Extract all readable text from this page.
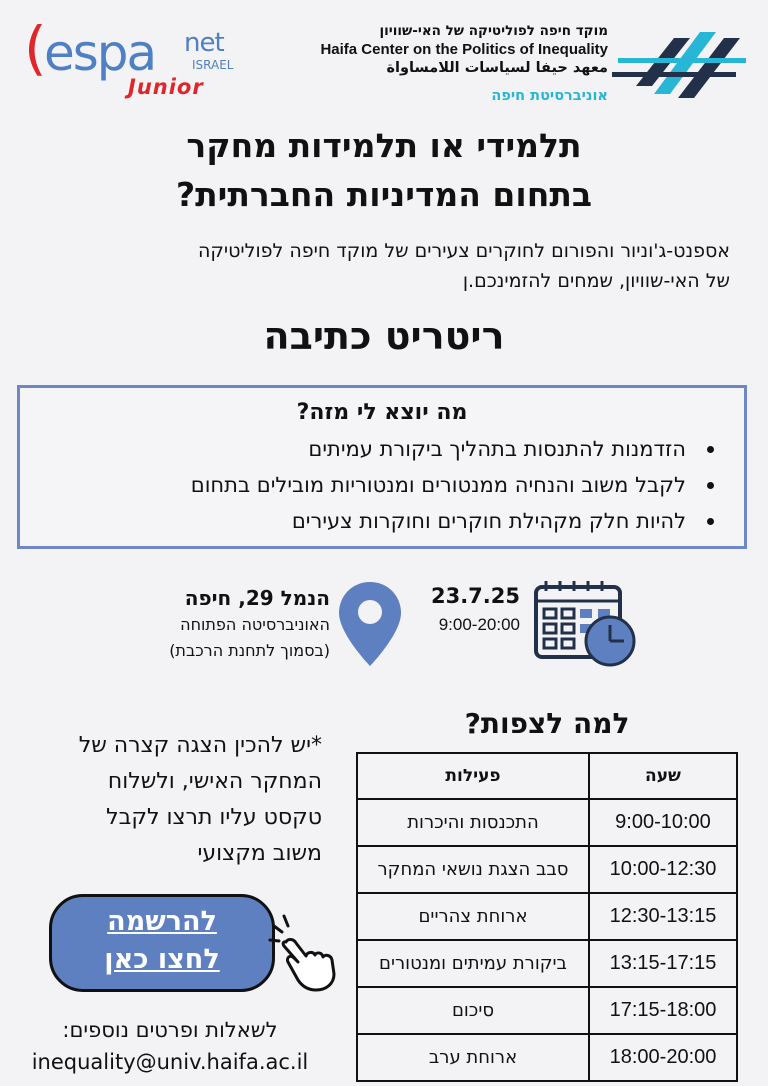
(
espa net
ISRAEL
Junior
מוקד חיפה לפוליטיקה של האי-שוויון
Haifa Center on the Politics of Inequality
معهد حيفا لسياسات اللامساواة
אוניברסיטת חיפה
תלמידי או תלמידות מחקר
בתחום המדיניות החברתית?
אספנט-ג'וניור והפורום לחוקרים צעירים של מוקד חיפה לפוליטיקה
של האי-שוויון, שמחים להזמינכם.ן
ריטריט כתיבה
מה יוצא לי מזה?
הזדמנות להתנסות בתהליך ביקורת עמיתים
לקבל משוב והנחיה ממנטורים ומנטוריות מובילים בתחום
להיות חלק מקהילת חוקרים וחוקרות צעירים
23.7.25
9:00-20:00
הנמל 29, חיפה
האוניברסיטה הפתוחה
(בסמוך לתחנת הרכבת)
למה לצפות?
שעה	פעילות
9:00-10:00	התכנסות והיכרות
10:00-12:30	סבב הצגת נושאי המחקר
12:30-13:15	ארוחת צהריים
13:15-17:15	ביקורת עמיתים ומנטורים
17:15-18:00	סיכום
18:00-20:00	ארוחת ערב
*יש להכין הצגה קצרה של
המחקר האישי, ולשלוח
טקסט עליו תרצו לקבל
משוב מקצועי
להרשמה
לחצו כאן
לשאלות ופרטים נוספים:
inequality@univ.haifa.ac.il
